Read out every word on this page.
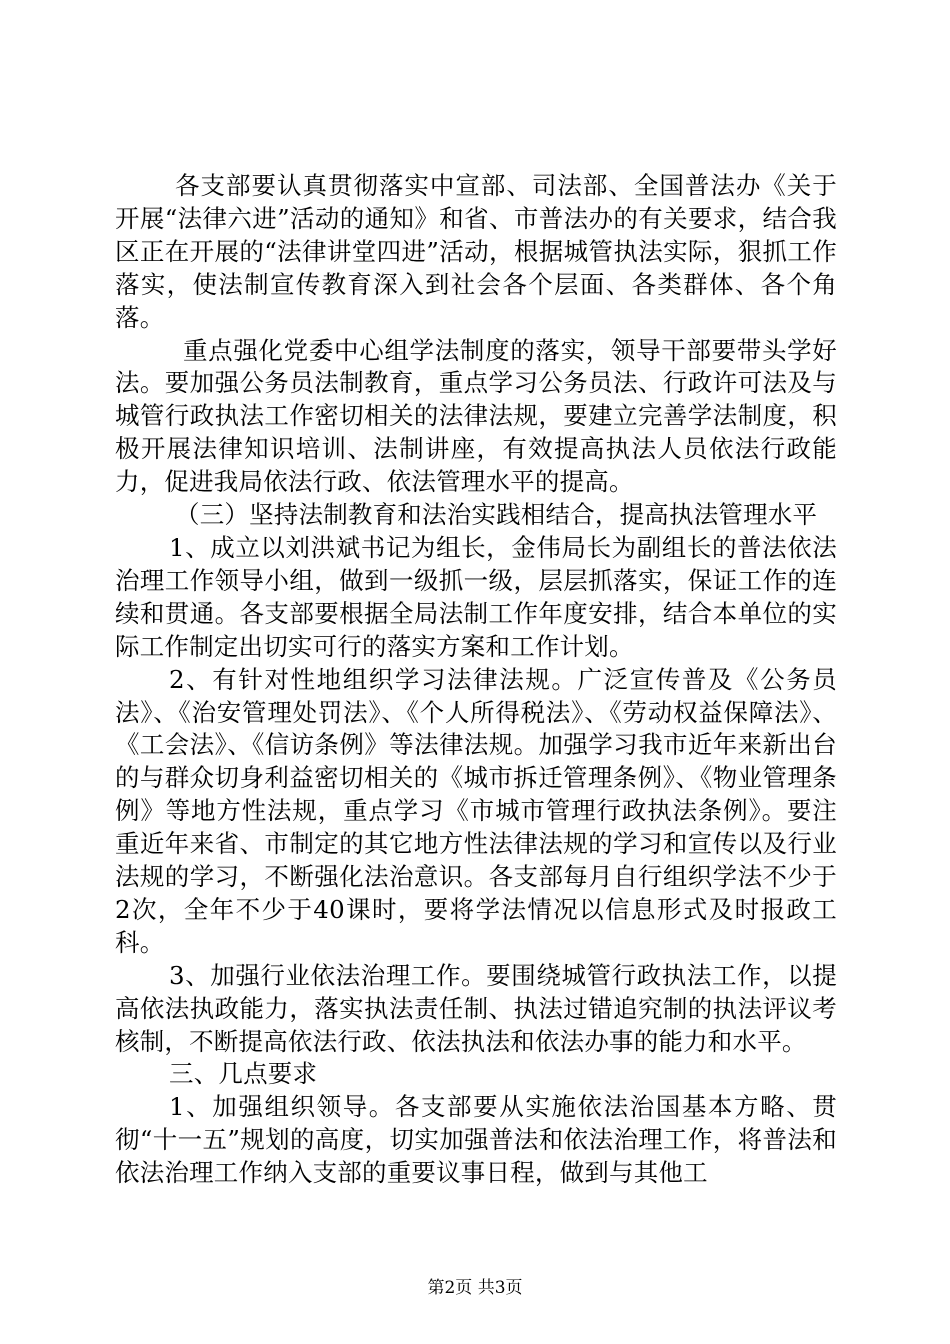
各支部要认真贯彻落实中宣部、司法部、全国普法办《关于开展“法律六进”活动的通知》和省、市普法办的有关要求，结合我区正在开展的“法律讲堂四进”活动，根据城管执法实际，狠抓工作落实，使法制宣传教育深入到社会各个层面、各类群体、各个角落。

重点强化党委中心组学法制度的落实，领导干部要带头学好法。要加强公务员法制教育，重点学习公务员法、行政许可法及与城管行政执法工作密切相关的法律法规，要建立完善学法制度，积极开展法律知识培训、法制讲座，有效提高执法人员依法行政能力，促进我局依法行政、依法管理水平的提高。

（三）坚持法制教育和法治实践相结合，提高执法管理水平

1、成立以刘洪斌书记为组长，金伟局长为副组长的普法依法治理工作领导小组，做到一级抓一级，层层抓落实，保证工作的连续和贯通。各支部要根据全局法制工作年度安排，结合本单位的实际工作制定出切实可行的落实方案和工作计划。

2、有针对性地组织学习法律法规。广泛宣传普及《公务员法》、《治安管理处罚法》、《个人所得税法》、《劳动权益保障法》、《工会法》、《信访条例》等法律法规。加强学习我市近年来新出台的与群众切身利益密切相关的《城市拆迁管理条例》、《物业管理条例》等地方性法规，重点学习《市城市管理行政执法条例》。要注重近年来省、市制定的其它地方性法律法规的学习和宣传以及行业法规的学习，不断强化法治意识。各支部每月自行组织学法不少于2次，全年不少于40课时，要将学法情况以信息形式及时报政工科。

3、加强行业依法治理工作。要围绕城管行政执法工作，以提高依法执政能力，落实执法责任制、执法过错追究制的执法评议考核制，不断提高依法行政、依法执法和依法办事的能力和水平。

三、几点要求

1、加强组织领导。各支部要从实施依法治国基本方略、贯彻“十一五”规划的高度，切实加强普法和依法治理工作，将普法和依法治理工作纳入支部的重要议事日程，做到与其他工

第2页 共3页
